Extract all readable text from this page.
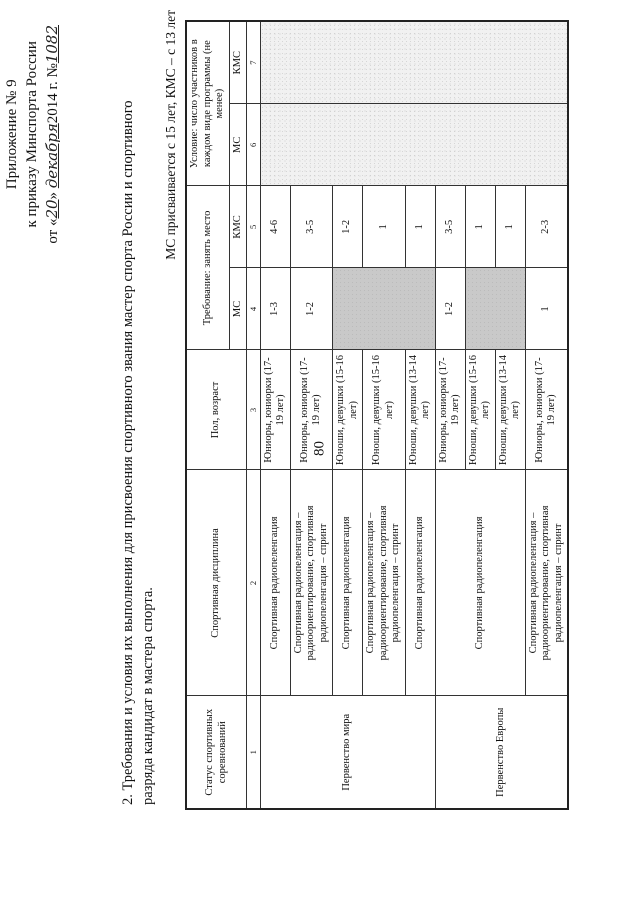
80
Приложение № 9 к приказу Минспорта России
от «20» декабря2014 г. №1082
2. Требования и условия их выполнения для присвоения спортивного звания мастер спорта России и спортивного разряда кандидат в мастера спорта.
МС присваивается с 15 лет, КМС – с 13 лет
Статус спортивных соревнований	Спортивная дисциплина	Пол, возраст	Требование: занять место		Условие: число участников в каждом виде программы (не менее)	
			МС	КМС	МС	КМС
1	2	3	4	5	6	7
Первенство мира	Спортивная радиопеленгация	Юниоры, юниорки (17-19 лет)	1-3	4-6		
	Спортивная радиопеленгация – радиоориентирование, спортивная радиопеленгация – спринт	Юниоры, юниорки (17-19 лет)	1-2	3-5		
	Спортивная радиопеленгация	Юноши, девушки (15-16 лет)		1-2		
	Спортивная радиопеленгация – радиоориентирование, спортивная радиопеленгация – спринт	Юноши, девушки (15-16 лет)		1		
	Спортивная радиопеленгация	Юноши, девушки (13-14 лет)		1		
Первенство Европы	Спортивная радиопеленгация	Юниоры, юниорки (17-19 лет)	1-2	3-5		
		Юноши, девушки (15-16 лет)		1		
		Юноши, девушки (13-14 лет)		1		
	Спортивная радиопеленгация – радиоориентирование, спортивная радиопеленгация – спринт	Юниоры, юниорки (17-19 лет)	1	2-3		
